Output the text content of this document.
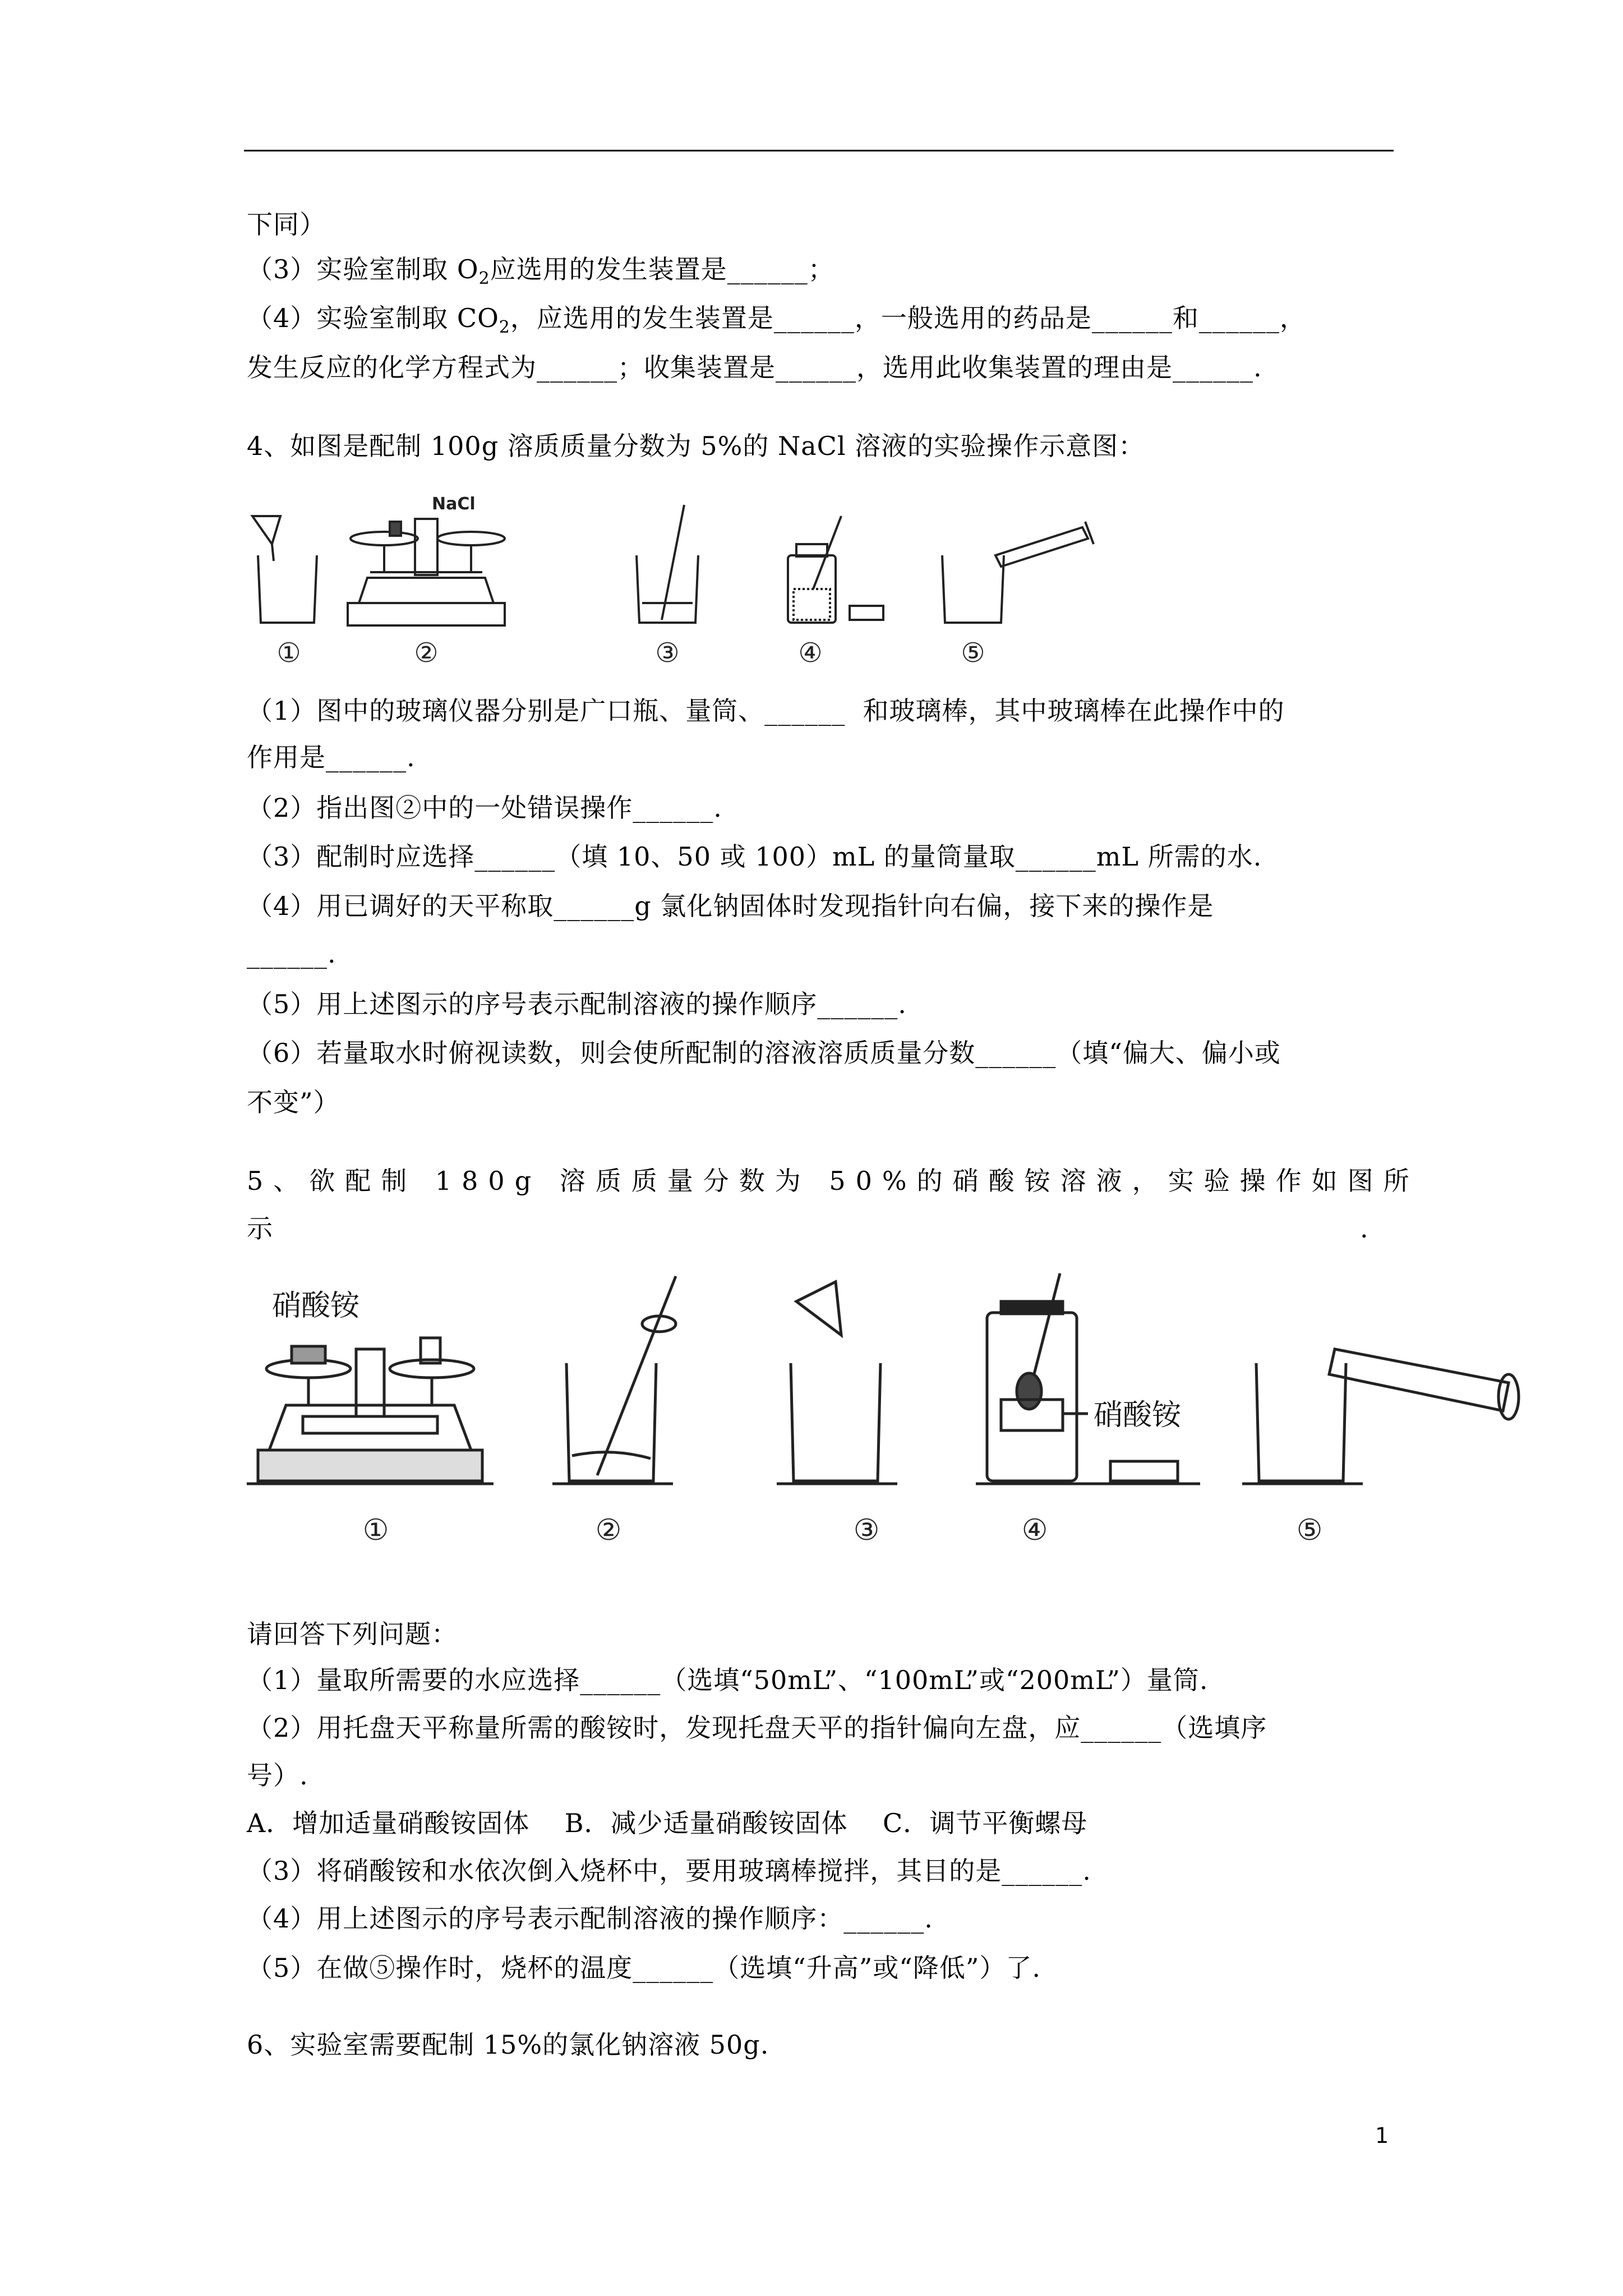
下同）
（3）实验室制取 $O_2$应选用的发生装置是______；
（4）实验室制取 $CO_2$，应选用的发生装置是______，一般选用的药品是______和______，
发生反应的化学方程式为______；收集装置是______，选用此收集装置的理由是______.
4、如图是配制 100g 溶质质量分数为 5%的 NaCl 溶液的实验操作示意图：
NaCl
①	②	③	④	⑤
（1）图中的玻璃仪器分别是广口瓶、量筒、______  和玻璃棒，其中玻璃棒在此操作中的
作用是______.
（2）指出图②中的一处错误操作______.
（3）配制时应选择______（填 10、50 或 100）mL 的量筒量取______mL 所需的水.
（4）用已调好的天平称取______g 氯化钠固体时发现指针向右偏，接下来的操作是
______.
（5）用上述图示的序号表示配制溶液的操作顺序______.
（6）若量取水时俯视读数，则会使所配制的溶液溶质质量分数______（填“偏大、偏小或
不变”）
5、欲配制 180g 溶质质量分数为 50%的硝酸铵溶液，实验操作如图所
示	.
硝酸铵
硝酸铵
①	②	③	④	⑤
请回答下列问题：
（1）量取所需要的水应选择______（选填“50mL”、“100mL”或“200mL”）量筒.
（2）用托盘天平称量所需的酸铵时，发现托盘天平的指针偏向左盘，应______（选填序
号）.
A．增加适量硝酸铵固体    B．减少适量硝酸铵固体    C．调节平衡螺母
（3）将硝酸铵和水依次倒入烧杯中，要用玻璃棒搅拌，其目的是______.
（4）用上述图示的序号表示配制溶液的操作顺序：______.
（5）在做⑤操作时，烧杯的温度______（选填“升高”或“降低”）了.
6、实验室需要配制 15%的氯化钠溶液 50g.
1
